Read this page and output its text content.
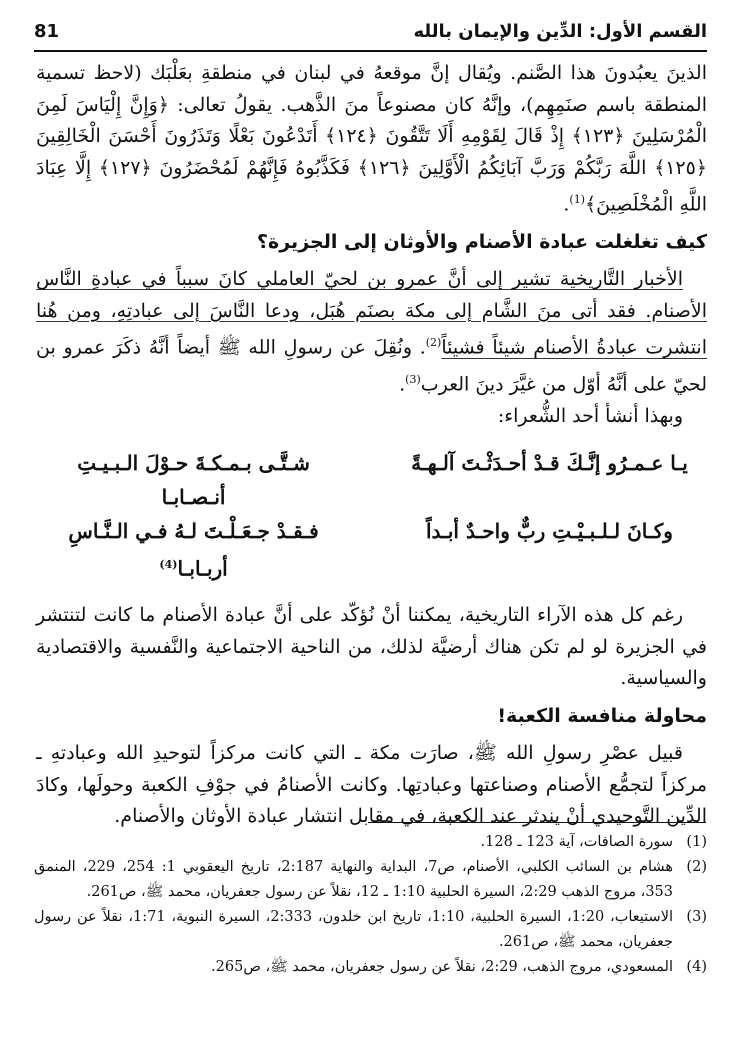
81	القسم الأول: الدِّين والإيمان بالله

الذينَ يعبُدونَ هذا الصَّنم. ويُقال إنَّ موقعهُ في لبنان في منطقةِ بعَلْبَك (لاحظ تسمية المنطقة باسم صنَمِهِم)، وإنَّهُ كان مصنوعاً منَ الذَّهب. يقولُ تعالى: ﴿وَإِنَّ إِلْيَاسَ لَمِنَ الْمُرْسَلِينَ ﴿١٢٣﴾ إِذْ قَالَ لِقَوْمِهِ أَلَا تَتَّقُونَ ﴿١٢٤﴾ أَتَدْعُونَ بَعْلًا وَتَذَرُونَ أَحْسَنَ الْخَالِقِينَ ﴿١٢٥﴾ اللَّهَ رَبَّكُمْ وَرَبَّ آبَائِكُمُ الْأَوَّلِينَ ﴿١٢٦﴾ فَكَذَّبُوهُ فَإِنَّهُمْ لَمُحْضَرُونَ ﴿١٢٧﴾ إِلَّا عِبَادَ اللَّهِ الْمُخْلَصِينَ﴾$^{(1)}$.

كيف تغلغلت عبادة الأصنام والأوثان إلى الجزيرة؟

الأخبار التَّاريخية تشير إلى أنَّ عمرو بن لحيّ العاملي كانَ سبباً في عبادةِ النَّاس الأصنام. فقد أتى منَ الشَّام إلى مكة بصنَم هُبَل، ودعا النَّاسَ إلى عبادتِهِ، ومن هُنا انتشرت عبادةُ الأصنام شيئاً فشيئاً$^{(2)}$. ونُقِلَ عن رسولِ الله ﷺ أيضاً أنَّهُ ذكَرَ عمرو بن لحيّ على أنَّهُ أوّل من غيَّرَ دينَ العرب$^{(3)}$.

وبهذا أنشأ أحد الشُّعراء:

يـا عـمـرُو إنَّـكَ قـدْ أحـدَثْـتَ آلـهـةً
شـتَّـى بـمـكـةَ حـوْلَ الـبـيـتِ أنـصـابـا
وكـانَ لـلـبـيْـتِ ربٌّ واحـدٌ أبـداً
فـقـدْ جـعَـلْـتَ لـهُ فـي الـنَّـاسِ أربـابـا$^{(4)}$

رغم كل هذه الآراء التاريخية، يمكننا أنْ نُؤكّد على أنَّ عبادة الأصنام ما كانت لتنتشر في الجزيرة لو لم تكن هناك أرضيَّة لذلك، من الناحية الاجتماعية والنَّفسية والاقتصادية والسياسية.

محاولة منافسة الكعبة!

قبيل عصْرِ رسولِ الله ﷺ، صارَت مكة ـ التي كانت مركزاً لتوحيدِ الله وعبادتهِ ـ مركزاً لتجمُّع الأصنام وصناعتها وعبادتِها. وكانت الأصنامُ في جوْفِ الكعبة وحولَها، وكادَ الدِّين التَّوحيدي أنْ يندثر عند الكعبة، في مقابل انتشار عبادة الأوثان والأصنام.

(1)
سورة الصافات، آية 123 ـ 128.
(2)
هشام بن السائب الكلبي، الأصنام، ص7، البداية والنهاية 2:187، تاريخ اليعقوبي 1: 254، 229، المنمق 353، مروج الذهب 2:29، السيرة الحلبية 1:10 ـ 12، نقلاً عن رسول جعفريان، محمد ﷺ، ص261.
(3)
الاستيعاب، 1:20، السيرة الحلبية، 1:10، تاريخ ابن خلدون، 2:333، السيرة النبوية، 1:71، نقلاً عن رسول جعفريان، محمد ﷺ، ص261.
(4)
المسعودي، مروج الذهب، 2:29، نقلاً عن رسول جعفريان، محمد ﷺ، ص265.
